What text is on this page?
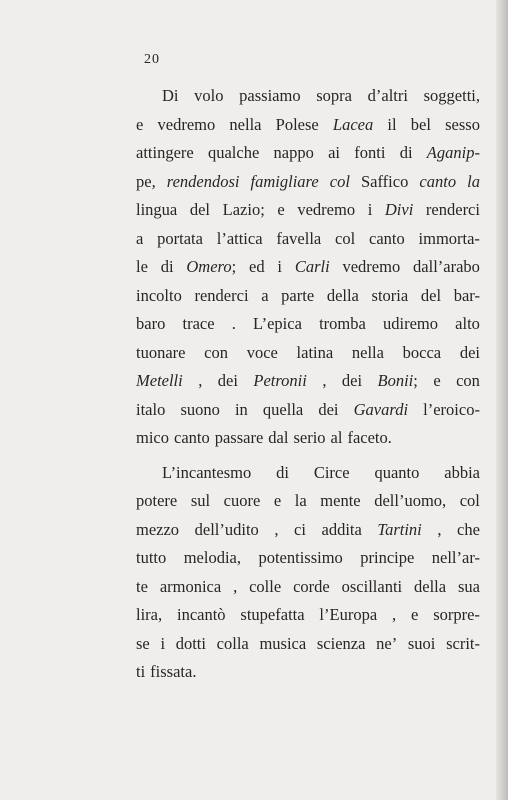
20
Di volo passiamo sopra d’altri soggetti,
e vedremo nella Polese Lacea il bel sesso
attingere qualche nappo ai fonti di Aganip-
pe, rendendosi famigliare col Saffico canto la
lingua del Lazio; e vedremo i Divi renderci
a portata l’attica favella col canto immorta-
le di Omero; ed i Carli vedremo dall’arabo
incolto renderci a parte della storia del bar-
baro trace . L’epica tromba udiremo alto
tuonare con voce latina nella bocca dei
Metelli , dei Petronii , dei Bonii; e con
italo suono in quella dei Gavardi l’eroico-
mico canto passare dal serio al faceto.
L’incantesmo di Circe quanto abbia
potere sul cuore e la mente dell’uomo, col
mezzo dell’udito , ci addita Tartini , che
tutto melodia, potentissimo principe nell’ar-
te armonica , colle corde oscillanti della sua
lira, incantò stupefatta l’Europa , e sorpre-
se i dotti colla musica scienza ne’ suoi scrit-
ti fissata.
